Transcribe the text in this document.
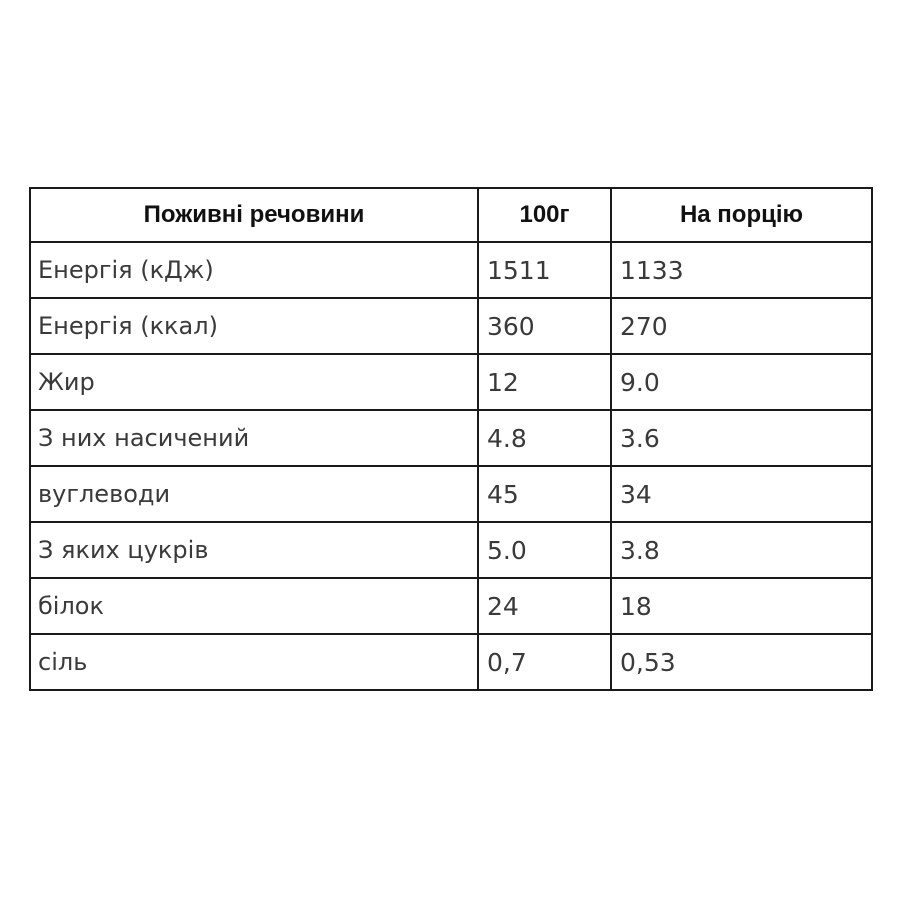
Поживні речовини	100г	На порцію
Енергія (кДж)	1511	1133
Енергія (ккал)	360	270
Жир	12	9.0
З них насичений	4.8	3.6
вуглеводи	45	34
З яких цукрів	5.0	3.8
білок	24	18
сіль	0,7	0,53
